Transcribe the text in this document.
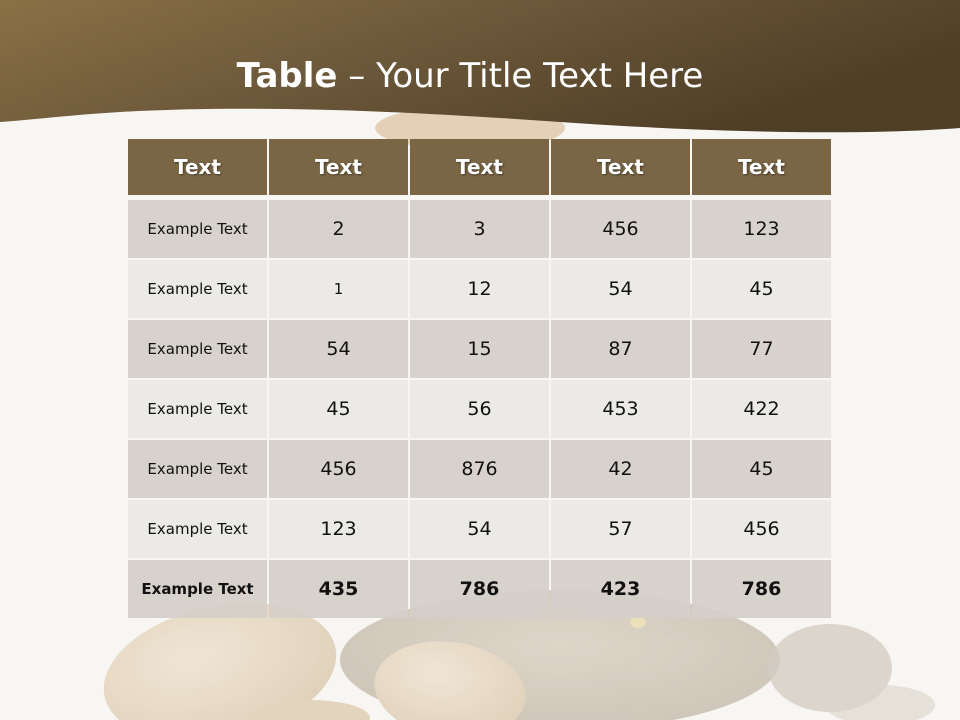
Table – Your Title Text Here
Text	Text	Text	Text	Text

Example Text	2	3	456	123
Example Text	1	12	54	45
Example Text	54	15	87	77
Example Text	45	56	453	422
Example Text	456	876	42	45
Example Text	123	54	57	456
Example Text	435	786	423	786
